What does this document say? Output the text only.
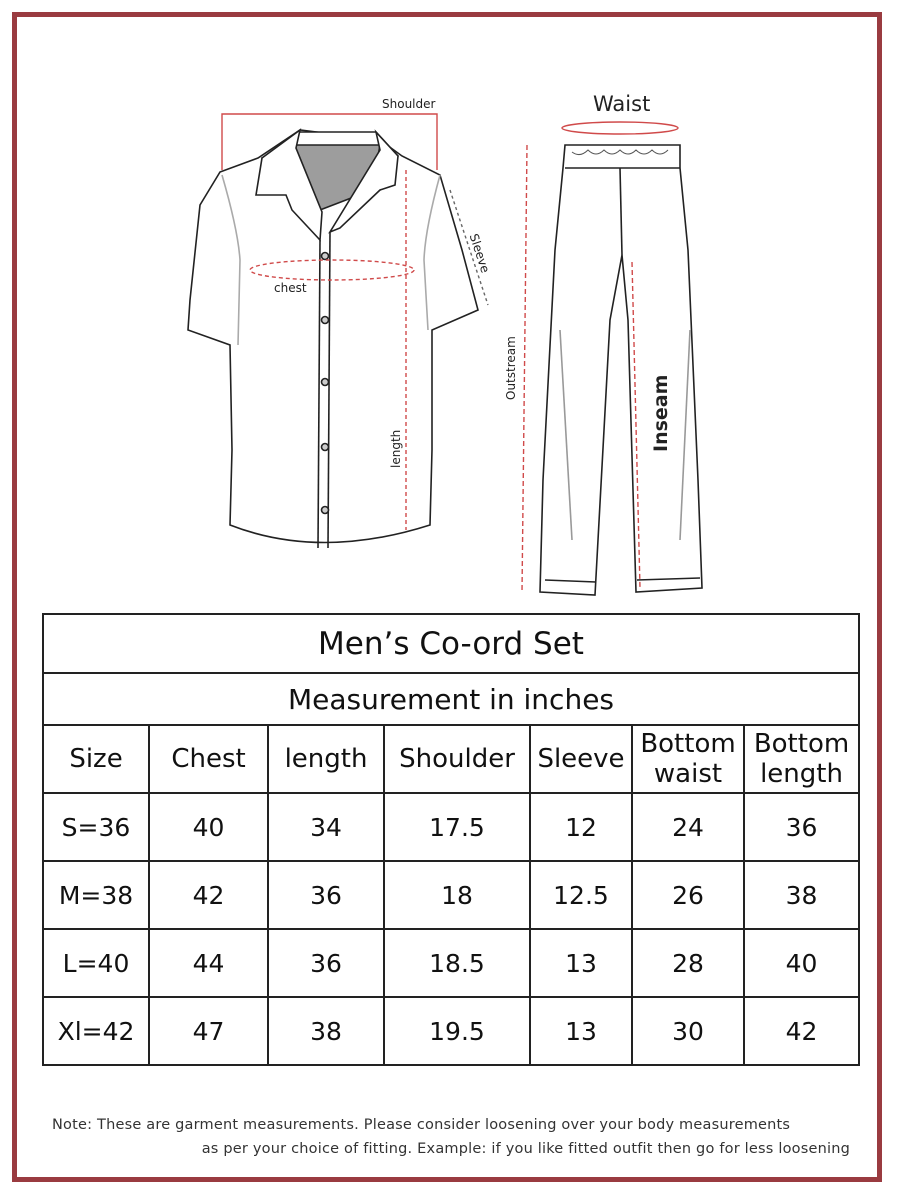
Shoulder
Sleeve
chest
length
Waist
Outstream
Inseam
Men’s Co-ord Set						
Measurement in inches						
Size	Chest	length	Shoulder	Sleeve	Bottom waist	Bottom length
S=36	40	34	17.5	12	24	36
M=38	42	36	18	12.5	26	38
L=40	44	36	18.5	13	28	40
Xl=42	47	38	19.5	13	30	42
Note: These are garment measurements. Please consider loosening over your body measurements
as per your choice of fitting. Example: if you like fitted outfit then go for less loosening
